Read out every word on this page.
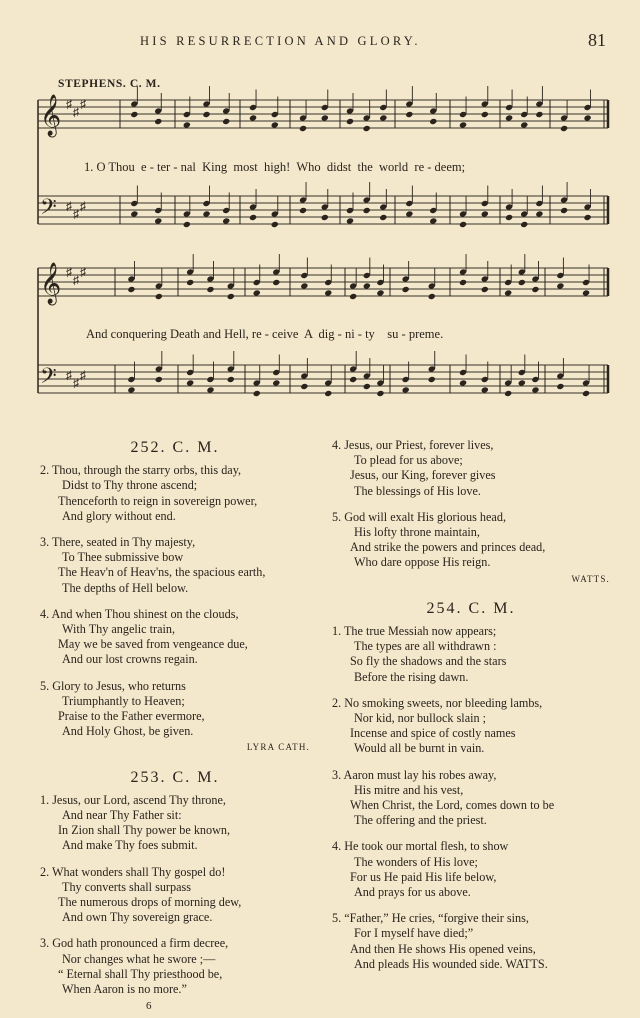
HIS RESURRECTION AND GLORY.	81
STEPHENS. C. M.
𝄞 ♯
♯
♯
𝄢 ♯
♯
♯
𝄞 ♯
♯
♯
𝄢 ♯
♯
♯
1. O Thou  e - ter - nal  King  most  high!  Who  didst  the  world  re - deem;
And conquering Death and Hell, re - ceive  A  dig - ni - ty    su - preme.
252. C. M.
2. Thou, through the starry orbs, this day,
Didst to Thy throne ascend;
Thenceforth to reign in sovereign power,
And glory without end.
3. There, seated in Thy majesty,
To Thee submissive bow
The Heav'n of Heav'ns, the spacious earth,
The depths of Hell below.
4. And when Thou shinest on the clouds,
With Thy angelic train,
May we be saved from vengeance due,
And our lost crowns regain.
5. Glory to Jesus, who returns
Triumphantly to Heaven;
Praise to the Father evermore,
And Holy Ghost, be given.
LYRA CATH.
253. C. M.
1. Jesus, our Lord, ascend Thy throne,
And near Thy Father sit:
In Zion shall Thy power be known,
And make Thy foes submit.
2. What wonders shall Thy gospel do!
Thy converts shall surpass
The numerous drops of morning dew,
And own Thy sovereign grace.
3. God hath pronounced a firm decree,
Nor changes what he swore ;—
“ Eternal shall Thy priesthood be,
When Aaron is no more.”
4. Jesus, our Priest, forever lives,
To plead for us above;
Jesus, our King, forever gives
The blessings of His love.
5. God will exalt His glorious head,
His lofty throne maintain,
And strike the powers and princes dead,
Who dare oppose His reign.
WATTS.
254. C. M.
1. The true Messiah now appears;
The types are all withdrawn :
So fly the shadows and the stars
Before the rising dawn.
2. No smoking sweets, nor bleeding lambs,
Nor kid, nor bullock slain ;
Incense and spice of costly names
Would all be burnt in vain.
3. Aaron must lay his robes away,
His mitre and his vest,
When Christ, the Lord, comes down to be
The offering and the priest.
4. He took our mortal flesh, to show
The wonders of His love;
For us He paid His life below,
And prays for us above.
5. “Father,” He cries, “forgive their sins,
For I myself have died;”
And then He shows His opened veins,
And pleads His wounded side. WATTS.
6
